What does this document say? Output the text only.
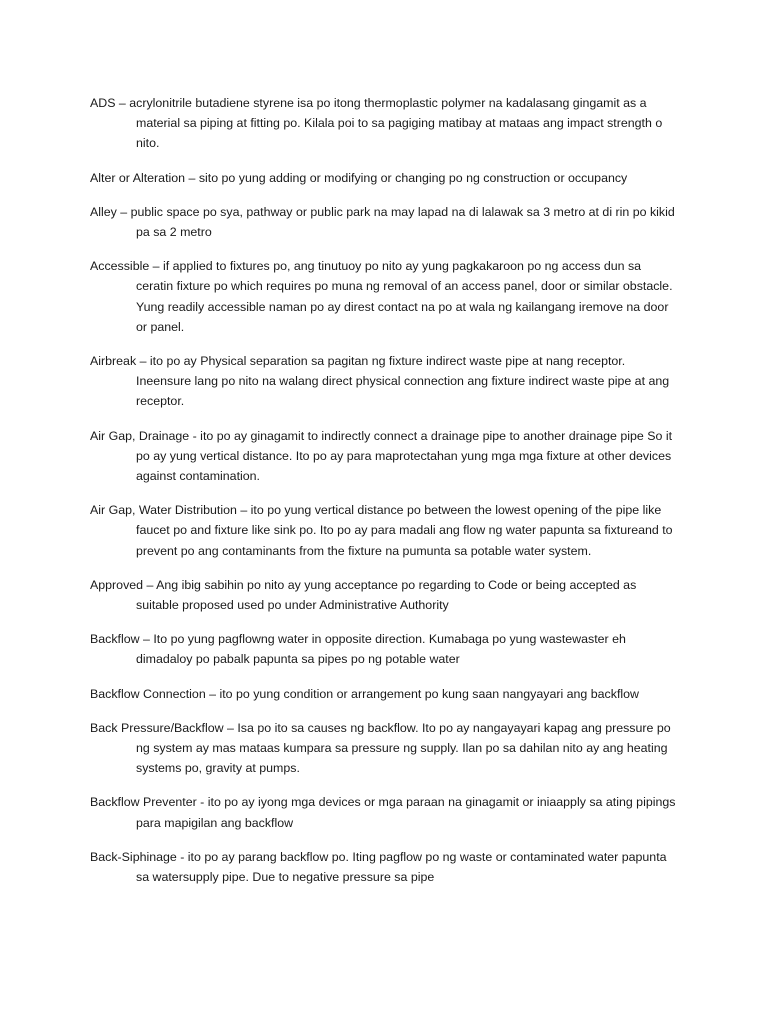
ADS – acrylonitrile butadiene styrene isa po itong thermoplastic polymer na kadalasang gingamit as a material sa piping at fitting po. Kilala poi to sa pagiging matibay at mataas ang impact strength o nito.

Alter or Alteration – sito po yung adding or modifying or changing po ng construction or occupancy

Alley – public space po sya, pathway or public park na may lapad na di lalawak sa 3 metro at di rin po kikid pa sa 2 metro

Accessible – if applied to fixtures po, ang tinutuoy po nito ay yung pagkakaroon po ng access dun sa ceratin fixture po which requires po muna ng removal of an access panel, door or similar obstacle. Yung readily accessible naman po ay direst contact na po at wala ng kailangang iremove na door or panel.

Airbreak – ito po ay Physical separation sa pagitan ng fixture indirect waste pipe at nang receptor. Ineensure lang po nito na walang direct physical connection ang fixture indirect waste pipe at ang receptor.

Air Gap, Drainage - ito po ay ginagamit to indirectly connect a drainage pipe to another drainage pipe So it po ay yung vertical distance. Ito po ay para maprotectahan yung mga mga fixture at other devices against contamination.

Air Gap, Water Distribution – ito po yung vertical distance po between the lowest opening of the pipe like faucet po and fixture like sink po. Ito po ay para madali ang flow ng water papunta sa fixtureand to prevent po ang contaminants from the fixture na pumunta sa potable water system.

Approved – Ang ibig sabihin po nito ay yung acceptance po regarding to Code or being accepted as suitable proposed used po under Administrative Authority

Backflow – Ito po yung pagflowng water in opposite direction. Kumabaga po yung wastewaster eh dimadaloy po pabalk papunta sa pipes po ng potable water

Backflow Connection – ito po yung condition or arrangement po kung saan nangyayari ang backflow

Back Pressure/Backflow – Isa po ito sa causes ng backflow. Ito po ay nangayayari kapag ang pressure po ng system ay mas mataas kumpara sa pressure ng supply. Ilan po sa dahilan nito ay ang heating systems po, gravity at pumps.

Backflow Preventer - ito po ay iyong mga devices or mga paraan na ginagamit or iniaapply sa ating pipings para mapigilan ang backflow

Back-Siphinage - ito po ay parang backflow po. Iting pagflow po ng waste or contaminated water papunta sa watersupply pipe. Due to negative pressure sa pipe
